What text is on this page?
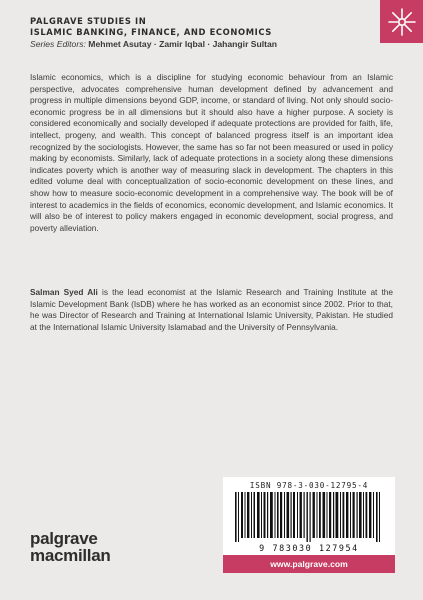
PALGRAVE STUDIES IN

ISLAMIC BANKING, FINANCE, AND ECONOMICS

Series Editors: Mehmet Asutay · Zamir Iqbal · Jahangir Sultan

Islamic economics, which is a discipline for studying economic behaviour from an Islamic perspective, advocates comprehensive human development defined by advancement and progress in multiple dimensions beyond GDP, income, or standard of living. Not only should socio-economic progress be in all dimensions but it should also have a higher purpose. A society is considered economically and socially developed if adequate protections are provided for faith, life, intellect, progeny, and wealth. This concept of balanced progress itself is an important idea recognized by the sociologists. However, the same has so far not been measured or used in policy making by economists. Similarly, lack of adequate protections in a society along these dimensions indicates poverty which is another way of measuring slack in development. The chapters in this edited volume deal with conceptualization of socio-economic development on these lines, and show how to measure socio-economic development in a comprehensive way. The book will be of interest to academics in the fields of economics, economic development, and Islamic economics. It will also be of interest to policy makers engaged in economic development, social progress, and poverty alleviation.

Salman Syed Ali is the lead economist at the Islamic Research and Training Institute at the Islamic Development Bank (IsDB) where he has worked as an economist since 2002. Prior to that, he was Director of Research and Training at International Islamic University, Pakistan. He studied at the International Islamic University Islamabad and the University of Pennsylvania.

ISBN 978-3-030-12795-4
9 783030 127954
palgrave
macmillan	www.palgrave.com
